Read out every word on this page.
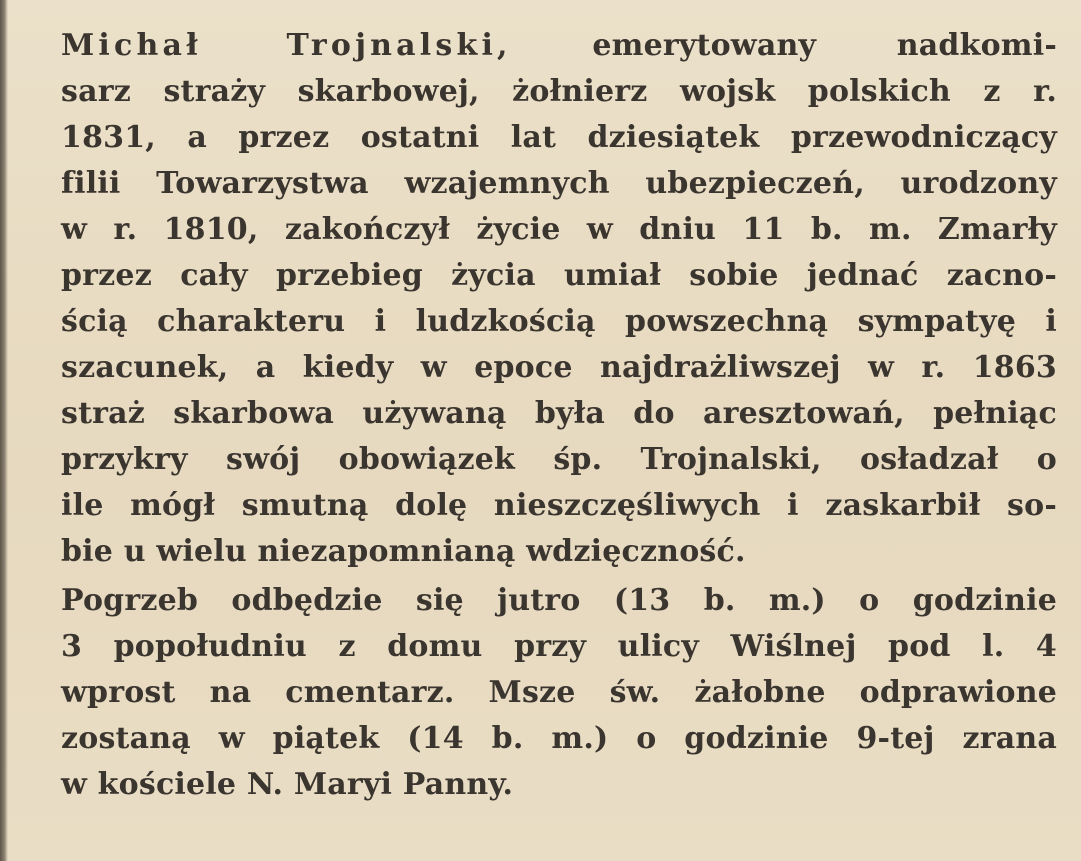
Michał Trojnalski,	emerytowany nadkomi-
sarz straży skarbowej, żołnierz wojsk polskich z r.
1831, a przez ostatni lat dziesiątek przewodniczący
filii Towarzystwa wzajemnych ubezpieczeń, urodzony
w r. 1810, zakończył życie w dniu 11 b. m. Zmarły
przez cały przebieg życia umiał sobie jednać zacno-
ścią charakteru i ludzkością powszechną sympatyę i
szacunek, a kiedy w epoce najdrażliwszej w r. 1863
straż skarbowa używaną była do aresztowań, pełniąc
przykry swój obowiązek śp. Trojnalski, osładzał o
ile mógł smutną dolę nieszczęśliwych i zaskarbił so-
bie u wielu niezapomnianą wdzięczność.
Pogrzeb odbędzie się jutro (13 b. m.) o godzinie
3 popołudniu z domu przy ulicy Wiślnej pod l. 4
wprost na cmentarz. Msze św. żałobne odprawione
zostaną w piątek (14 b. m.) o godzinie 9-tej zrana
w kościele N. Maryi Panny.
